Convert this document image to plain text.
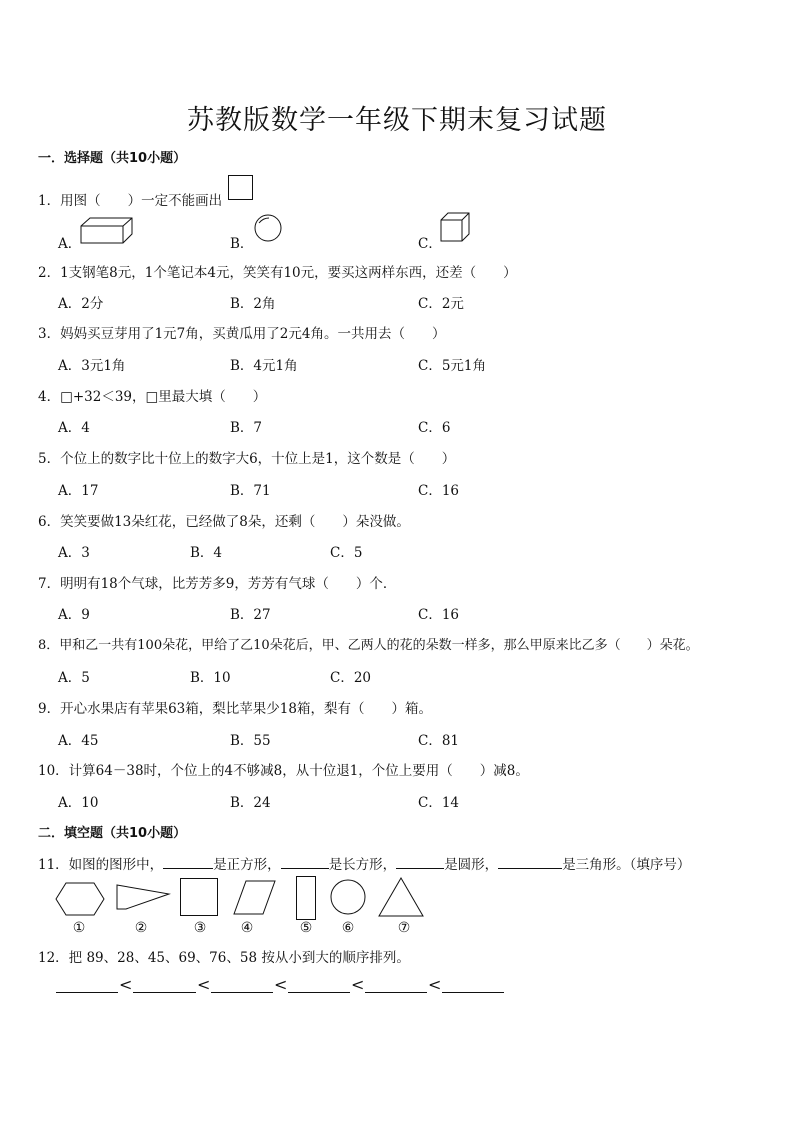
苏教版数学一年级下期末复习试题
一．选择题（共10小题）
1．用图（　　）一定不能画出
A．	B．	C．
2．1支钢笔8元，1个笔记本4元，笑笑有10元，要买这两样东西，还差（　　）
A．2分	B．2角	C．2元
3．妈妈买豆芽用了1元7角，买黄瓜用了2元4角。一共用去（　　）
A．3元1角	B．4元1角	C．5元1角
4．□+32＜39，□里最大填（　　）
A．4	B．7	C．6
5．个位上的数字比十位上的数字大6，十位上是1，这个数是（　　）
A．17	B．71	C．16
6．笑笑要做13朵红花，已经做了8朵，还剩（　　）朵没做。
A．3	B．4	C．5
7．明明有18个气球，比芳芳多9，芳芳有气球（　　）个．
A．9	B．27	C．16
8．甲和乙一共有100朵花，甲给了乙10朵花后，甲、乙两人的花的朵数一样多，那么甲原来比乙多（　　）朵花。
A．5	B．10	C．20
9．开心水果店有苹果63箱，梨比苹果少18箱，梨有（　　）箱。
A．45	B．55	C．81
10．计算64－38时，个位上的4不够减8，从十位退1，个位上要用（　　）减8。
A．10	B．24	C．14
二．填空题（共10小题）
11．如图的图形中，	是正方形，	是长方形，	是圆形，	是三角形。（填序号）
①	②	③ ④	⑤ ⑥	⑦
12．把 89、28、45、69、76、58 按从小到大的顺序排列。
<	<	<	<	<
